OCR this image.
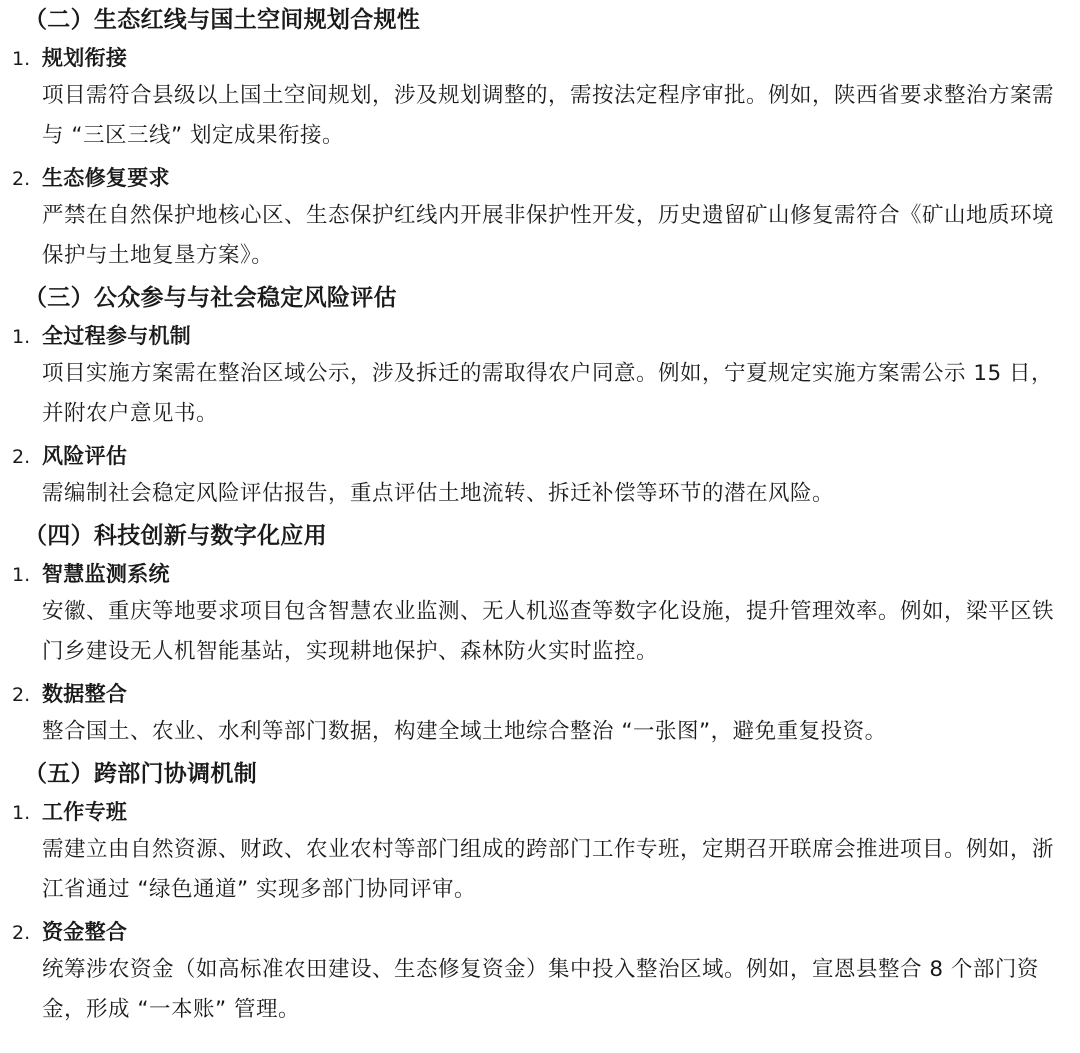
（二）生态红线与国土空间规划合规性
1. 规划衔接
项目需符合县级以上国土空间规划，涉及规划调整的，需按法定程序审批。例如，陕西省要求整治方案需与 “三区三线” 划定成果衔接。
2. 生态修复要求
严禁在自然保护地核心区、生态保护红线内开展非保护性开发，历史遗留矿山修复需符合《矿山地质环境保护与土地复垦方案》。
（三）公众参与与社会稳定风险评估
1. 全过程参与机制
项目实施方案需在整治区域公示，涉及拆迁的需取得农户同意。例如，宁夏规定实施方案需公示 15 日，并附农户意见书。
2. 风险评估
需编制社会稳定风险评估报告，重点评估土地流转、拆迁补偿等环节的潜在风险。
（四）科技创新与数字化应用
1. 智慧监测系统
安徽、重庆等地要求项目包含智慧农业监测、无人机巡查等数字化设施，提升管理效率。例如，梁平区铁门乡建设无人机智能基站，实现耕地保护、森林防火实时监控。
2. 数据整合
整合国土、农业、水利等部门数据，构建全域土地综合整治 “一张图”，避免重复投资。
（五）跨部门协调机制
1. 工作专班
需建立由自然资源、财政、农业农村等部门组成的跨部门工作专班，定期召开联席会推进项目。例如，浙江省通过 “绿色通道” 实现多部门协同评审。
2. 资金整合
统筹涉农资金（如高标准农田建设、生态修复资金）集中投入整治区域。例如，宣恩县整合 8 个部门资金，形成 “一本账” 管理。
